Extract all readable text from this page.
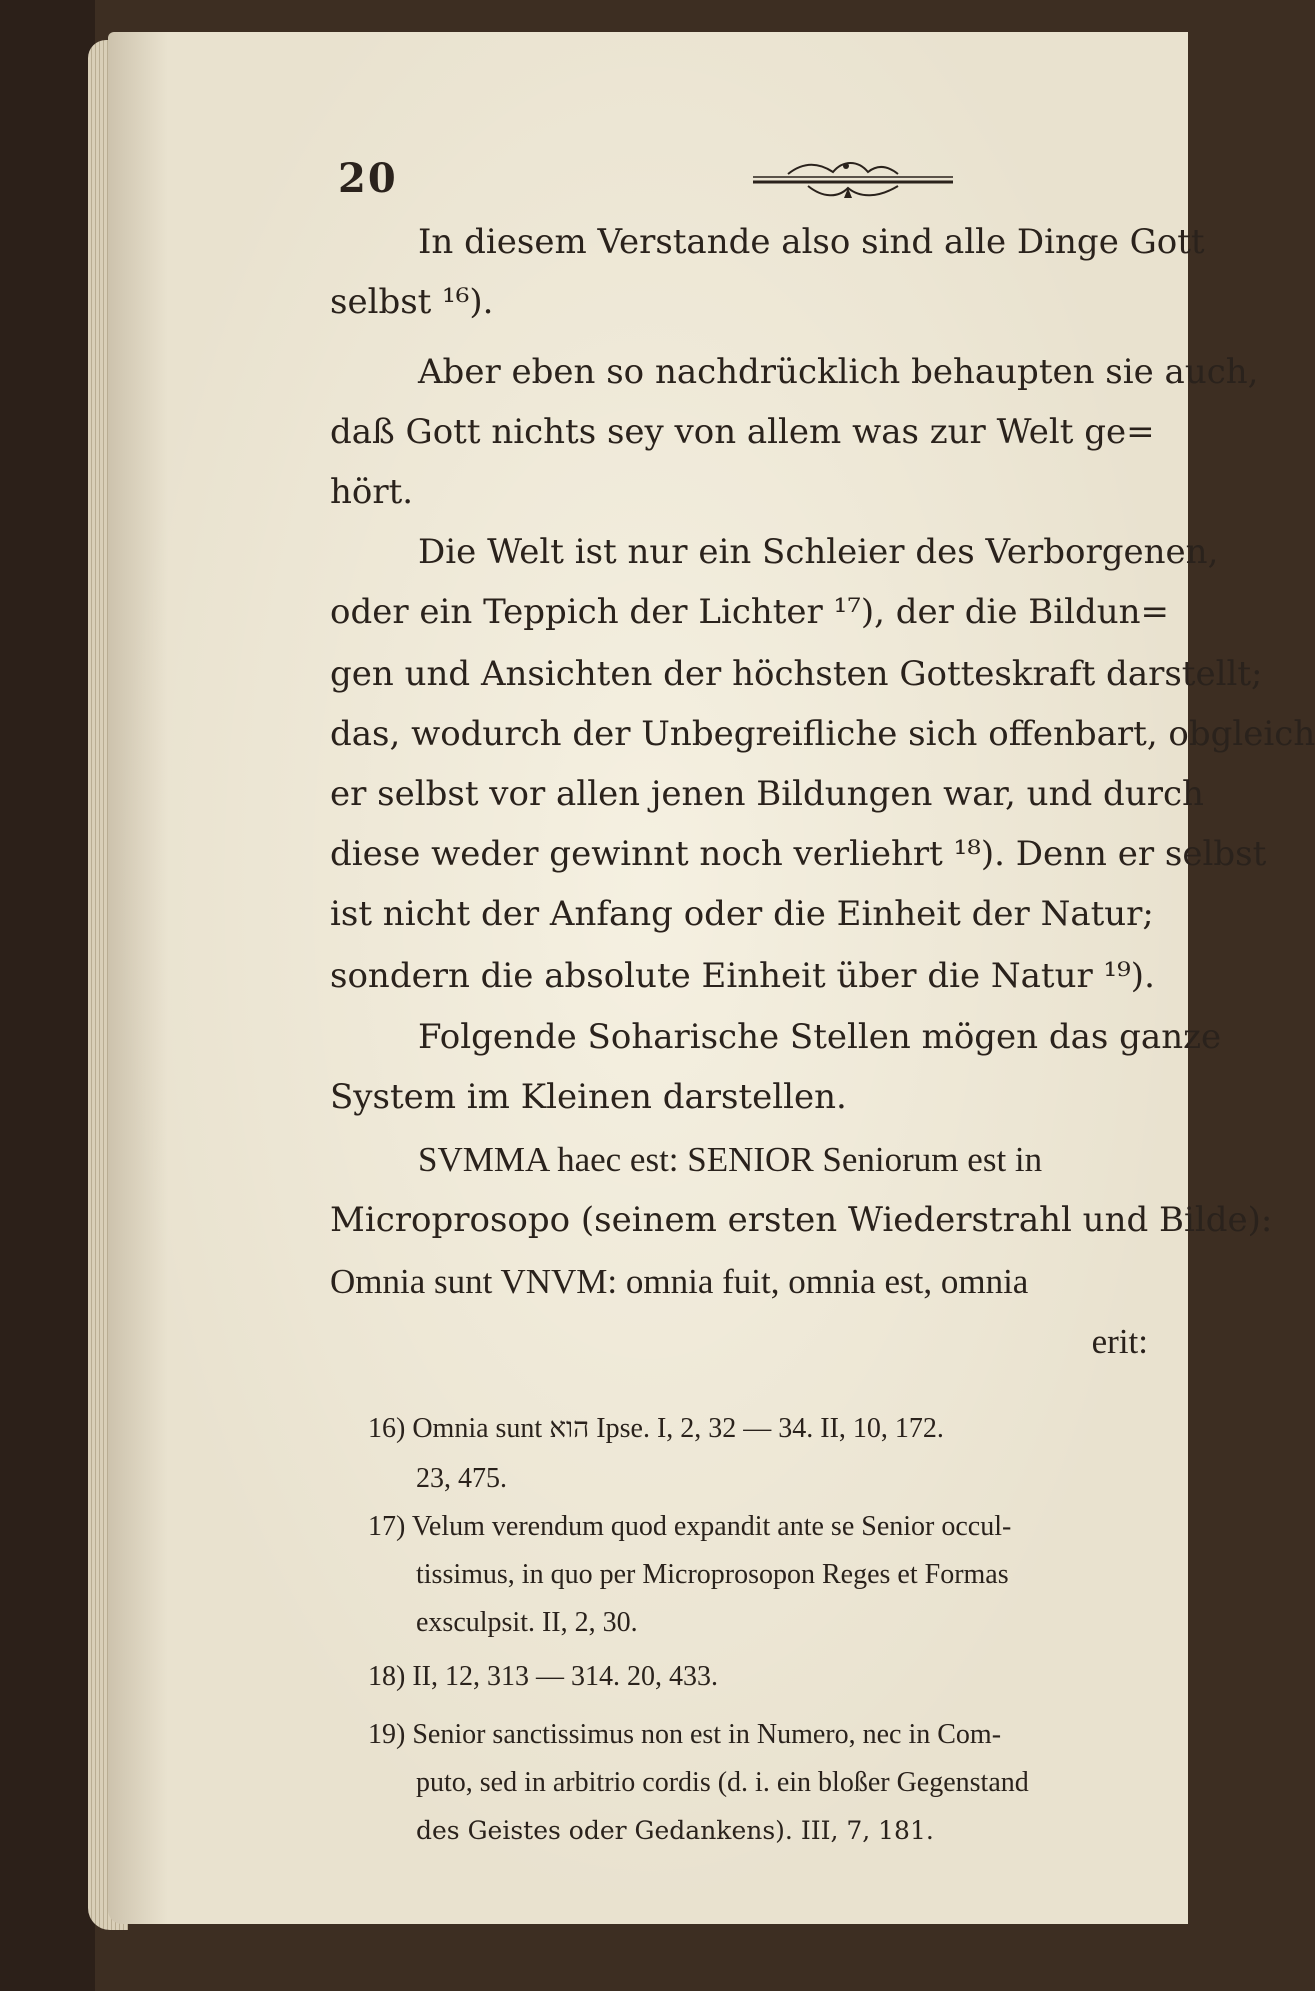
20
In diesem Verstande also sind alle Dinge Gott
selbst ¹⁶).
Aber eben so nachdrücklich behaupten sie auch,
daß Gott nichts sey von allem was zur Welt ge=
hört.
Die Welt ist nur ein Schleier des Verborgenen,
oder ein Teppich der Lichter ¹⁷), der die Bildun=
gen und Ansichten der höchsten Gotteskraft darstellt;
das, wodurch der Unbegreifliche sich offenbart, obgleich
er selbst vor allen jenen Bildungen war, und durch
diese weder gewinnt noch verliehrt ¹⁸). Denn er selbst
ist nicht der Anfang oder die Einheit der Natur;
sondern die absolute Einheit über die Natur ¹⁹).
Folgende Soharische Stellen mögen das ganze
System im Kleinen darstellen.
SVMMA haec est: SENIOR Seniorum est in
Microprosopo (seinem ersten Wiederstrahl und Bilde):
Omnia sunt VNVM: omnia fuit, omnia est, omnia
erit:
16) Omnia sunt הוא Ipse. I, 2, 32 — 34. II, 10, 172.
23, 475.
17) Velum verendum quod expandit ante se Senior occul-
tissimus, in quo per Microprosopon Reges et Formas
exsculpsit. II, 2, 30.
18) II, 12, 313 — 314. 20, 433.
19) Senior sanctissimus non est in Numero, nec in Com-
puto, sed in arbitrio cordis (d. i. ein bloßer Gegenstand
des Geistes oder Gedankens). III, 7, 181.
